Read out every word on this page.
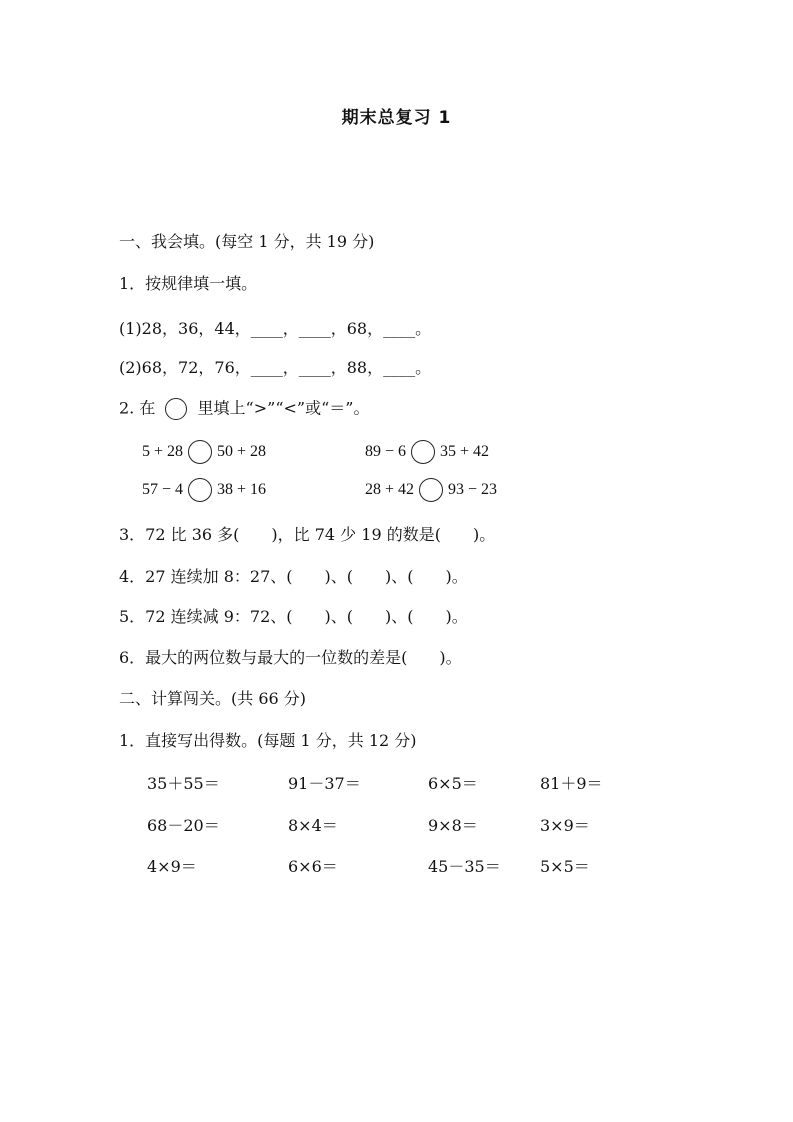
期末总复习 1
一、我会填。(每空 1 分，共 19 分)
1．按规律填一填。
(1)28，36，44，____，____，68，____。
(2)68，72，76，____，____，88，____。
2. 在	里填上“>”“<”或“＝”。
5 + 28 50 + 28	89 − 6 35 + 42
57 − 4 38 + 16	28 + 42 93 − 23
3．72 比 36 多(　　)，比 74 少 19 的数是(　　)。
4．27 连续加 8：27、(　　)、(　　)、(　　)。
5．72 连续减 9：72、(　　)、(　　)、(　　)。
6．最大的两位数与最大的一位数的差是(　　)。
二、计算闯关。(共 66 分)
1．直接写出得数。(每题 1 分，共 12 分)
35＋55＝	91－37＝	6×5＝	81＋9＝
68－20＝	8×4＝	9×8＝	3×9＝
4×9＝	6×6＝	45－35＝ 5×5＝
